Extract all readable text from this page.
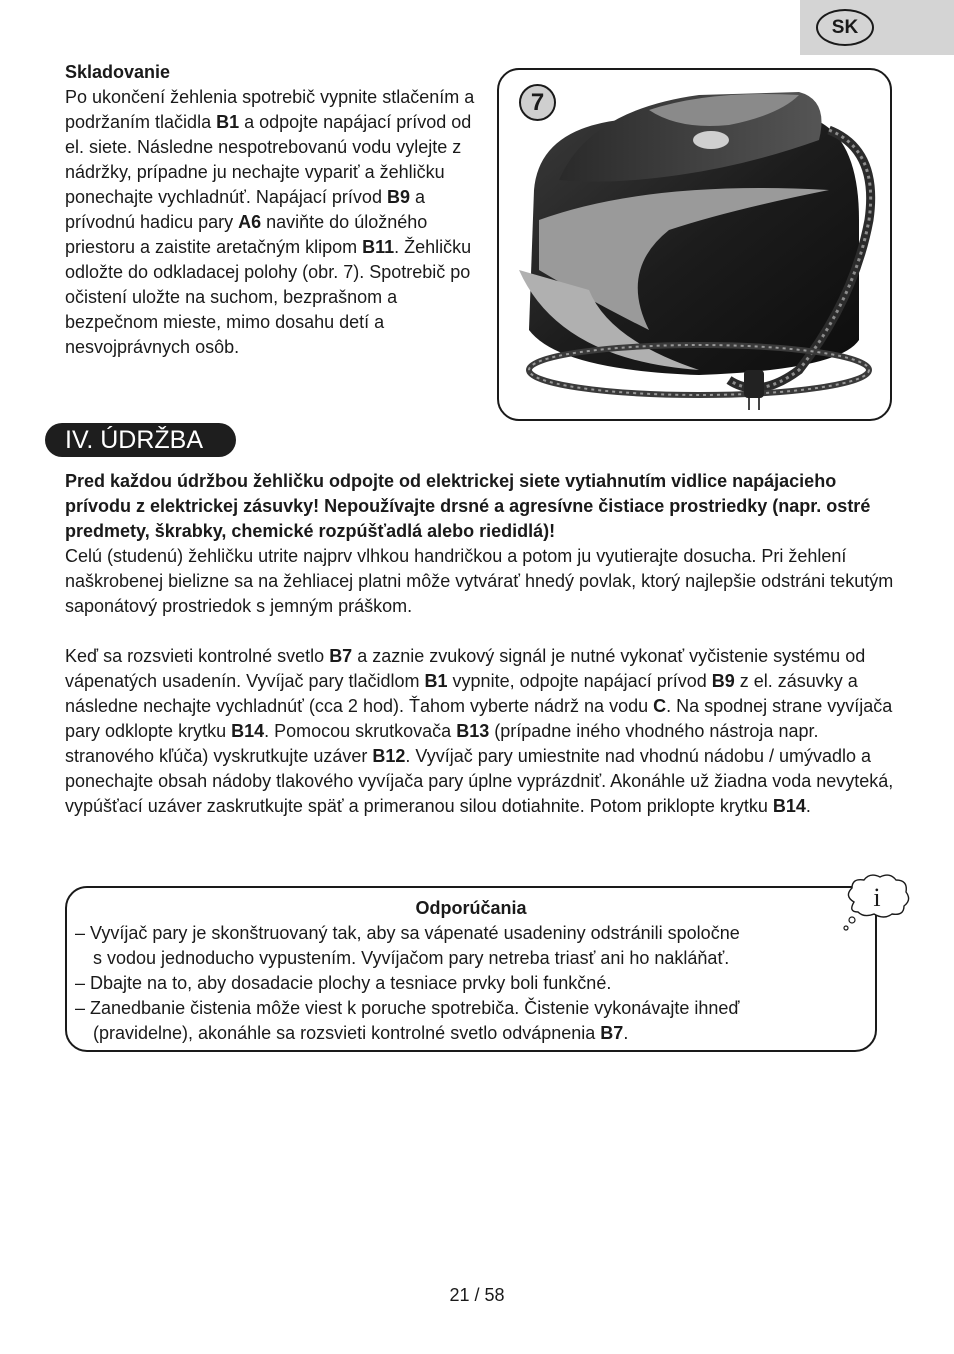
SK
Skladovanie
Po ukončení žehlenia spotrebič vypnite stlačením a podržaním tlačidla B1 a odpojte napájací prívod od el. siete. Následne nespotrebovanú vodu vylejte z nádržky, prípadne ju nechajte vypariť a žehličku ponechajte vychladnúť. Napájací prívod B9 a prívodnú hadicu pary A6 naviňte do úložného priestoru a zaistite aretačným klipom B11. Žehličku odložte do odkladacej polohy (obr. 7). Spotrebič po očistení uložte na suchom, bezprašnom a bezpečnom mieste, mimo dosahu detí a nesvojprávnych osôb.
7
IV. ÚDRŽBA

Pred každou údržbou žehličku odpojte od elektrickej siete vytiahnutím vidlice napájacieho prívodu z elektrickej zásuvky! Nepoužívajte drsné a agresívne čistiace prostriedky (napr. ostré predmety, škrabky, chemické rozpúšťadlá alebo riedidlá)!

Celú (studenú) žehličku utrite najprv vlhkou handričkou a potom ju vyutierajte dosucha. Pri žehlení naškrobenej bielizne sa na žehliacej platni môže vytvárať hnedý povlak, ktorý najlepšie odstráni tekutým saponátový prostriedok s jemným práškom.

Keď sa rozsvieti kontrolné svetlo B7 a zaznie zvukový signál je nutné vykonať vyčistenie systému od vápenatých usadenín. Vyvíjač pary tlačidlom B1 vypnite, odpojte napájací prívod B9 z el. zásuvky a následne nechajte vychladnúť (cca 2 hod). Ťahom vyberte nádrž na vodu C. Na spodnej strane vyvíjača pary odklopte krytku B14. Pomocou skrutkovača B13 (prípadne iného vhodného nástroja napr. stranového kľúča) vyskrutkujte uzáver B12. Vyvíjač pary umiestnite nad vhodnú nádobu / umývadlo a ponechajte obsah nádoby tlakového vyvíjača pary úplne vyprázdniť. Akonáhle už žiadna voda nevyteká, vypúšťací uzáver zaskrutkujte späť a primeranou silou dotiahnite. Potom priklopte krytku B14.

Odporúčania
– Vyvíjač pary je skonštruovaný tak, aby sa vápenaté usadeniny odstránili spoločne
s vodou jednoducho vypustením. Vyvíjačom pary netreba triasť ani ho nakláňať.
– Dbajte na to, aby dosadacie plochy a tesniace prvky boli funkčné.
– Zanedbanie čistenia môže viest k poruche spotrebiča. Čistenie vykonávajte ihneď
(pravidelne), akonáhle sa rozsvieti kontrolné svetlo odvápnenia B7.
i
21 / 58
